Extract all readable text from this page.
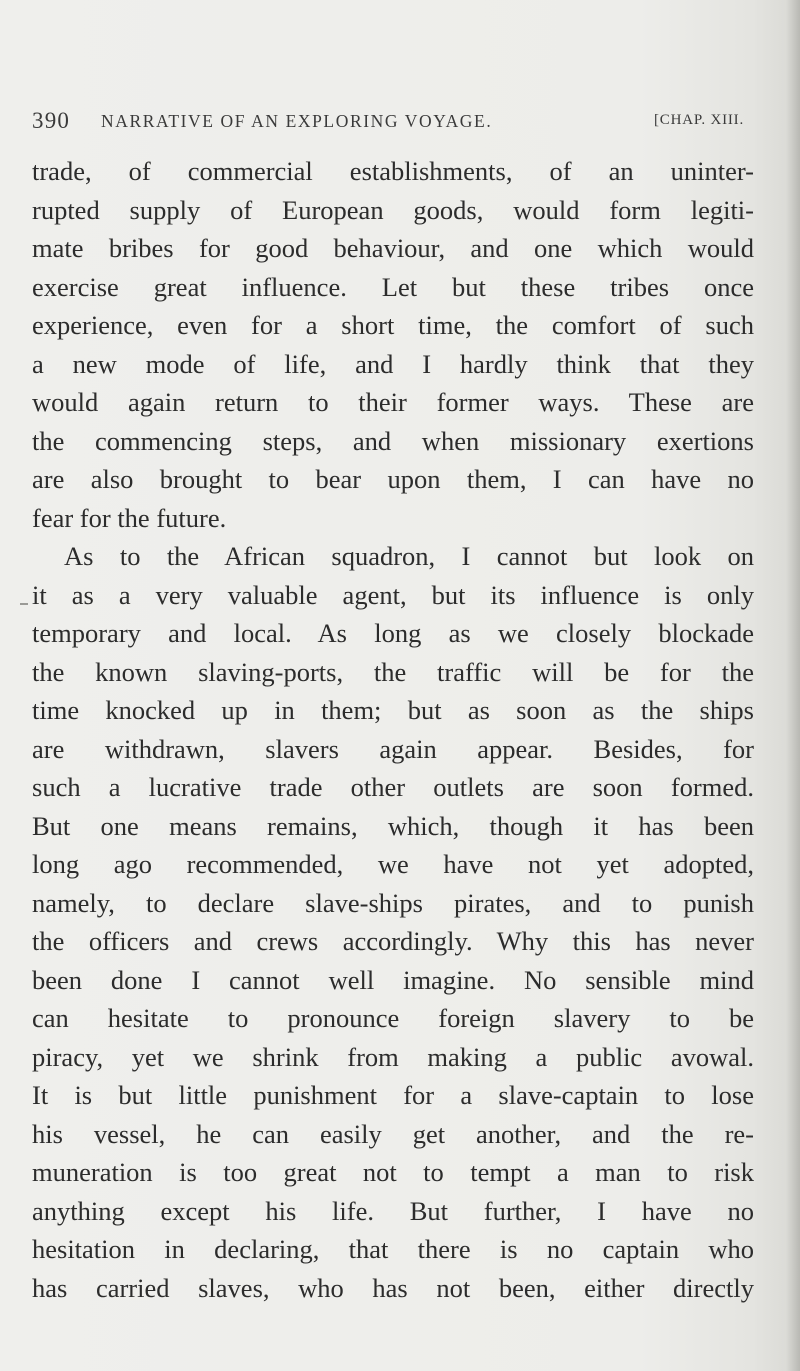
390 NARRATIVE OF AN EXPLORING VOYAGE.	[CHAP. XIII.
trade, of commercial establishments, of an uninter-
rupted supply of European goods, would form legiti-
mate bribes for good behaviour, and one which would
exercise great influence. Let but these tribes once
experience, even for a short time, the comfort of such
a new mode of life, and I hardly think that they
would again return to their former ways. These are
the commencing steps, and when missionary exertions
are also brought to bear upon them, I can have no
fear for the future.
As to the African squadron, I cannot but look on
it as a very valuable agent, but its influence is only
temporary and local. As long as we closely blockade
the known slaving-ports, the traffic will be for the
time knocked up in them; but as soon as the ships
are withdrawn, slavers again appear. Besides, for
such a lucrative trade other outlets are soon formed.
But one means remains, which, though it has been
long ago recommended, we have not yet adopted,
namely, to declare slave-ships pirates, and to punish
the officers and crews accordingly. Why this has never
been done I cannot well imagine. No sensible mind
can hesitate to pronounce foreign slavery to be
piracy, yet we shrink from making a public avowal.
It is but little punishment for a slave-captain to lose
his vessel, he can easily get another, and the re-
muneration is too great not to tempt a man to risk
anything except his life. But further, I have no
hesitation in declaring, that there is no captain who
has carried slaves, who has not been, either directly
